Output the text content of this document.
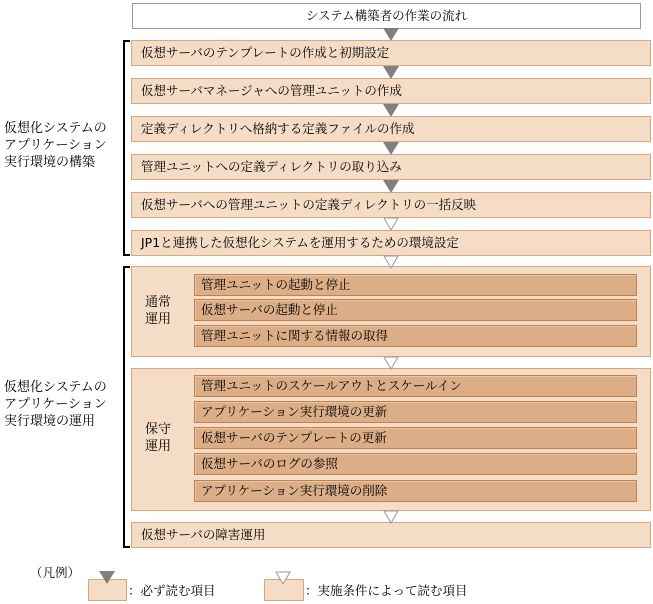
システム構築者の作業の流れ
仮想化システムの
アプリケーション
実行環境の構築
仮想サーバのテンプレートの作成と初期設定
仮想サーバマネージャへの管理ユニットの作成
定義ディレクトリへ格納する定義ファイルの作成
管理ユニットへの定義ディレクトリの取り込み
仮想サーバへの管理ユニットの定義ディレクトリの一括反映
JP1と連携した仮想化システムを運用するための環境設定
仮想化システムの
アプリケーション
実行環境の運用
通常
運用
管理ユニットの起動と停止
仮想サーバの起動と停止
管理ユニットに関する情報の取得
保守
運用
管理ユニットのスケールアウトとスケールイン
アプリケーション実行環境の更新
仮想サーバのテンプレートの更新
仮想サーバのログの参照
アプリケーション実行環境の削除
仮想サーバの障害運用
（凡例）
：必ず読む項目	：実施条件によって読む項目
